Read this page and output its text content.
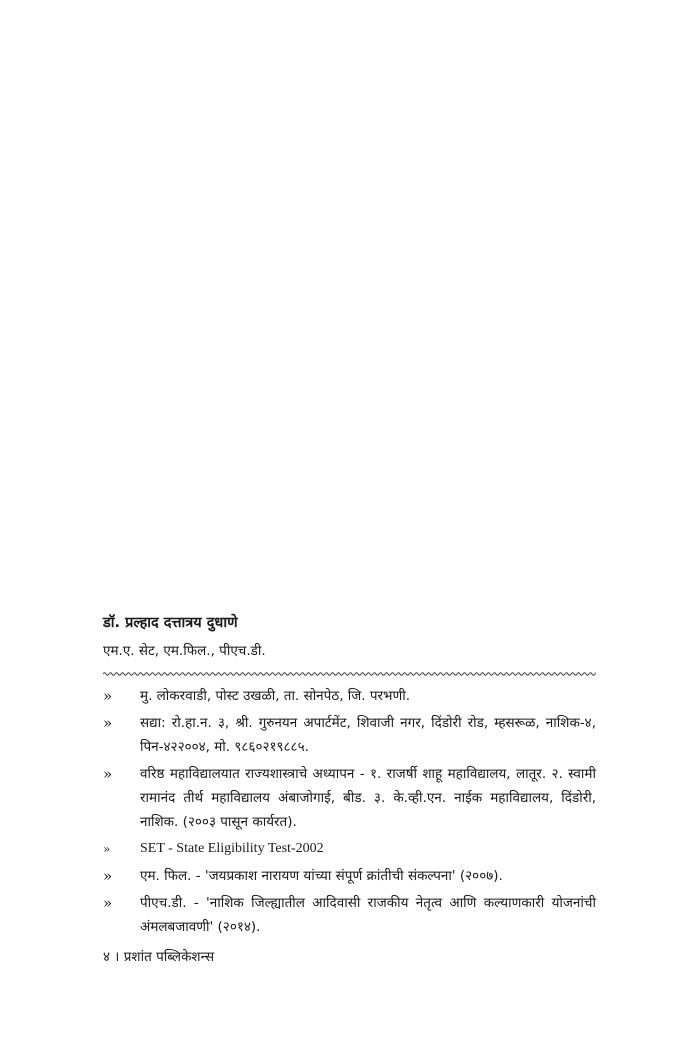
डॉ. प्रल्हाद दत्तात्रय दुधाणे

एम.ए. सेट, एम.फिल., पीएच.डी.

»	मु. लोकरवाडी, पोस्ट उखळी, ता. सोनपेठ, जि. परभणी.
»	सद्या: रो.हा.न. ३, श्री. गुरुनयन अपार्टमेंट, शिवाजी नगर, दिंडोरी रोड, म्हसरूळ, नाशिक-४, पिन-४२२००४, मो. ९८६०२१९८८५.
»	वरिष्ठ महाविद्यालयात राज्यशास्त्राचे अध्यापन - १. राजर्षी शाहू महाविद्यालय, लातूर. २. स्वामी रामानंद तीर्थ महाविद्यालय अंबाजोगाई, बीड. ३. के.व्ही.एन. नाईक महाविद्यालय, दिंडोरी, नाशिक. (२००३ पासून कार्यरत).
»	SET - State Eligibility Test-2002
»	एम. फिल. - 'जयप्रकाश नारायण यांच्या संपूर्ण क्रांतीची संकल्पना' (२००७).
»	पीएच.डी. - 'नाशिक जिल्ह्यातील आदिवासी राजकीय नेतृत्व आणि कल्याणकारी योजनांची अंमलबजावणी' (२०१४).
४ । प्रशांत पब्लिकेशन्स
